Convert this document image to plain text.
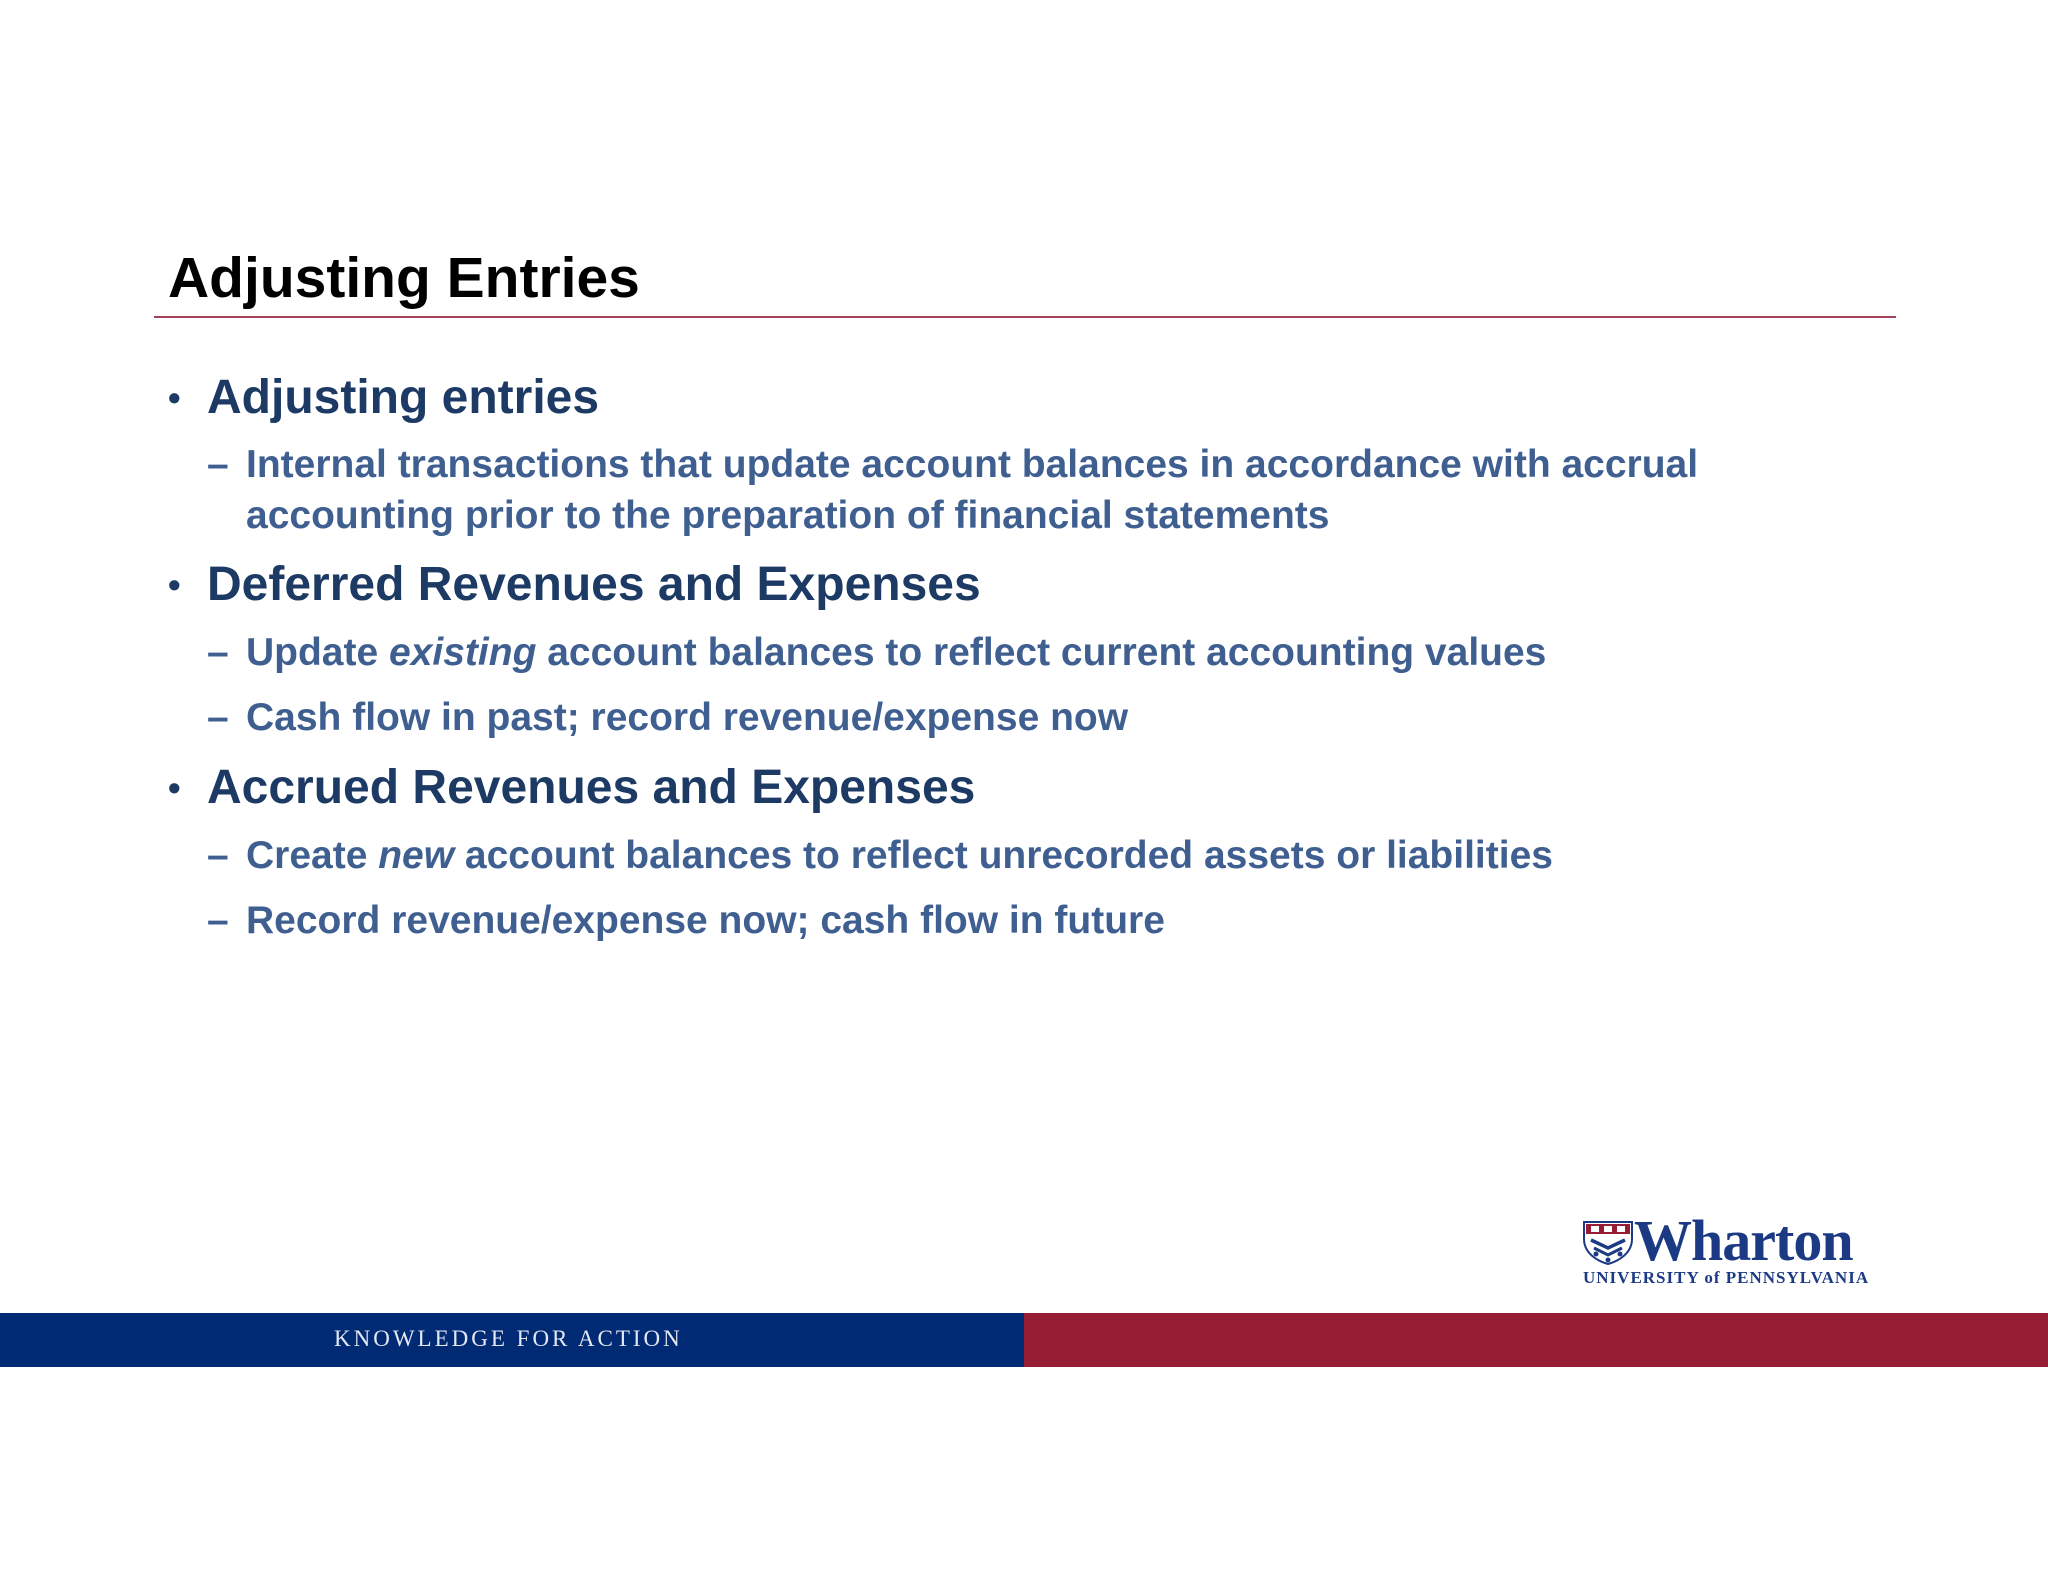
Adjusting Entries
• Adjusting entries
– Internal transactions that update account balances in accordance with accrual
accounting prior to the preparation of financial statements
• Deferred Revenues and Expenses
– Update existing account balances to reflect current accounting values
– Cash flow in past; record revenue/expense now
• Accrued Revenues and Expenses
– Create new account balances to reflect unrecorded assets or liabilities
– Record revenue/expense now; cash flow in future
Wharton
UNIVERSITY of PENNSYLVANIA
KNOWLEDGE FOR ACTION
